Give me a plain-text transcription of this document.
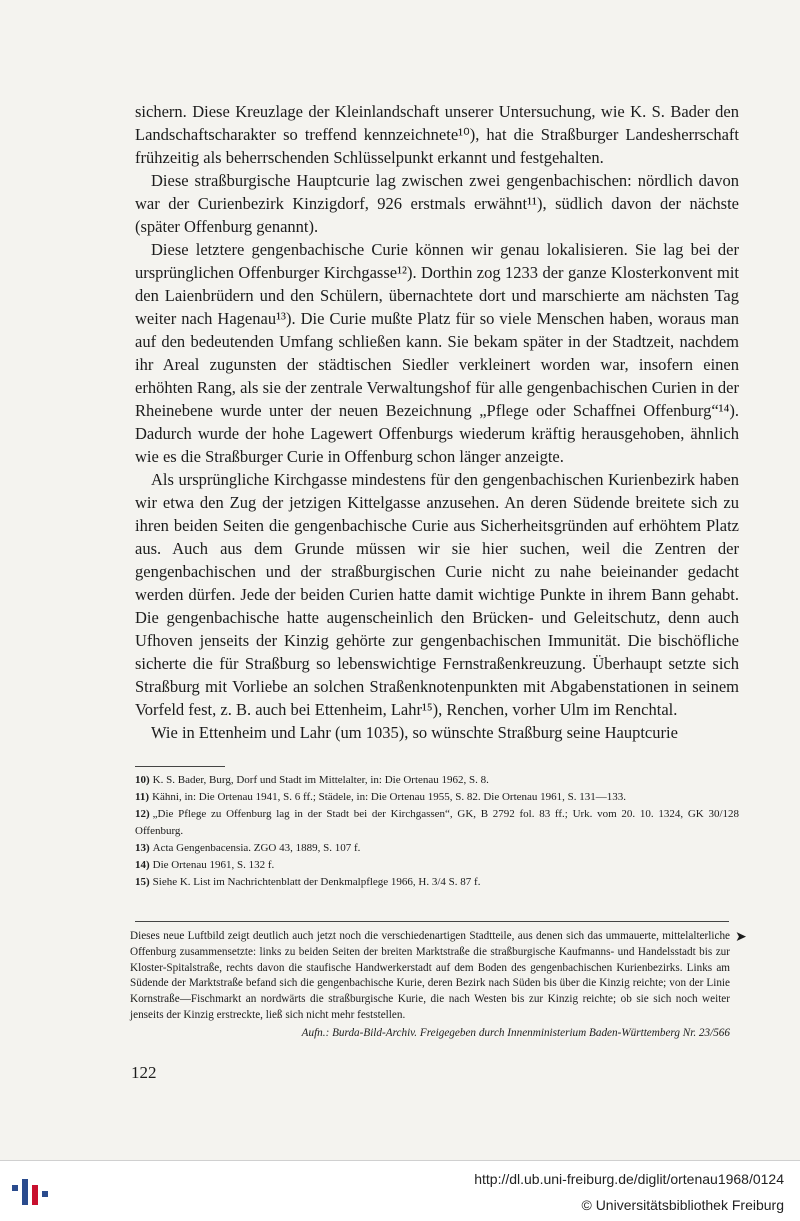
sichern. Diese Kreuzlage der Kleinlandschaft unserer Untersuchung, wie K. S. Bader den Landschaftscharakter so treffend kennzeichnete¹⁰), hat die Straßburger Landesherrschaft frühzeitig als beherrschenden Schlüsselpunkt erkannt und festgehalten.

Diese straßburgische Hauptcurie lag zwischen zwei gengenbachischen: nördlich davon war der Curienbezirk Kinzigdorf, 926 erstmals erwähnt¹¹), südlich davon der nächste (später Offenburg genannt).

Diese letztere gengenbachische Curie können wir genau lokalisieren. Sie lag bei der ursprünglichen Offenburger Kirchgasse¹²). Dorthin zog 1233 der ganze Klosterkonvent mit den Laienbrüdern und den Schülern, übernachtete dort und marschierte am nächsten Tag weiter nach Hagenau¹³). Die Curie mußte Platz für so viele Menschen haben, woraus man auf den bedeutenden Umfang schließen kann. Sie bekam später in der Stadtzeit, nachdem ihr Areal zugunsten der städtischen Siedler verkleinert worden war, insofern einen erhöhten Rang, als sie der zentrale Verwaltungshof für alle gengenbachischen Curien in der Rheinebene wurde unter der neuen Bezeichnung „Pflege oder Schaffnei Offenburg“¹⁴). Dadurch wurde der hohe Lagewert Offenburgs wiederum kräftig herausgehoben, ähnlich wie es die Straßburger Curie in Offenburg schon länger anzeigte.

Als ursprüngliche Kirchgasse mindestens für den gengenbachischen Kurienbezirk haben wir etwa den Zug der jetzigen Kittelgasse anzusehen. An deren Südende breitete sich zu ihren beiden Seiten die gengenbachische Curie aus Sicherheitsgründen auf erhöhtem Platz aus. Auch aus dem Grunde müssen wir sie hier suchen, weil die Zentren der gengenbachischen und der straßburgischen Curie nicht zu nahe beieinander gedacht werden dürfen. Jede der beiden Curien hatte damit wichtige Punkte in ihrem Bann gehabt. Die gengenbachische hatte augenscheinlich den Brücken- und Geleitschutz, denn auch Ufhoven jenseits der Kinzig gehörte zur gengenbachischen Immunität. Die bischöfliche sicherte die für Straßburg so lebenswichtige Fernstraßenkreuzung. Überhaupt setzte sich Straßburg mit Vorliebe an solchen Straßenknotenpunkten mit Abgabenstationen in seinem Vorfeld fest, z. B. auch bei Ettenheim, Lahr¹⁵), Renchen, vorher Ulm im Renchtal.

Wie in Ettenheim und Lahr (um 1035), so wünschte Straßburg seine Hauptcurie

10) K. S. Bader, Burg, Dorf und Stadt im Mittelalter, in: Die Ortenau 1962, S. 8.

11) Kähni, in: Die Ortenau 1941, S. 6 ff.; Städele, in: Die Ortenau 1955, S. 82. Die Ortenau 1961, S. 131—133.

12) „Die Pflege zu Offenburg lag in der Stadt bei der Kirchgassen“, GK, B 2792 fol. 83 ff.; Urk. vom 20. 10. 1324, GK 30/128 Offenburg.

13) Acta Gengenbacensia. ZGO 43, 1889, S. 107 f.

14) Die Ortenau 1961, S. 132 f.

15) Siehe K. List im Nachrichtenblatt der Denkmalpflege 1966, H. 3/4 S. 87 f.

➤

Dieses neue Luftbild zeigt deutlich auch jetzt noch die verschiedenartigen Stadtteile, aus denen sich das ummauerte, mittelalterliche Offenburg zusammensetzte: links zu beiden Seiten der breiten Marktstraße die straßburgische Kaufmanns- und Handelsstadt bis zur Kloster-Spitalstraße, rechts davon die staufische Handwerkerstadt auf dem Boden des gengenbachischen Kurienbezirks. Links am Südende der Marktstraße befand sich die gengenbachische Kurie, deren Bezirk nach Süden bis über die Kinzig reichte; von der Linie Kornstraße—Fischmarkt an nordwärts die straßburgische Kurie, die nach Westen bis zur Kinzig reichte; ob sie sich noch weiter jenseits der Kinzig erstreckte, ließ sich nicht mehr feststellen.

Aufn.: Burda-Bild-Archiv. Freigegeben durch Innenministerium Baden-Württemberg Nr. 23/566

122
http://dl.ub.uni-freiburg.de/diglit/ortenau1968/0124
© Universitätsbibliothek Freiburg
